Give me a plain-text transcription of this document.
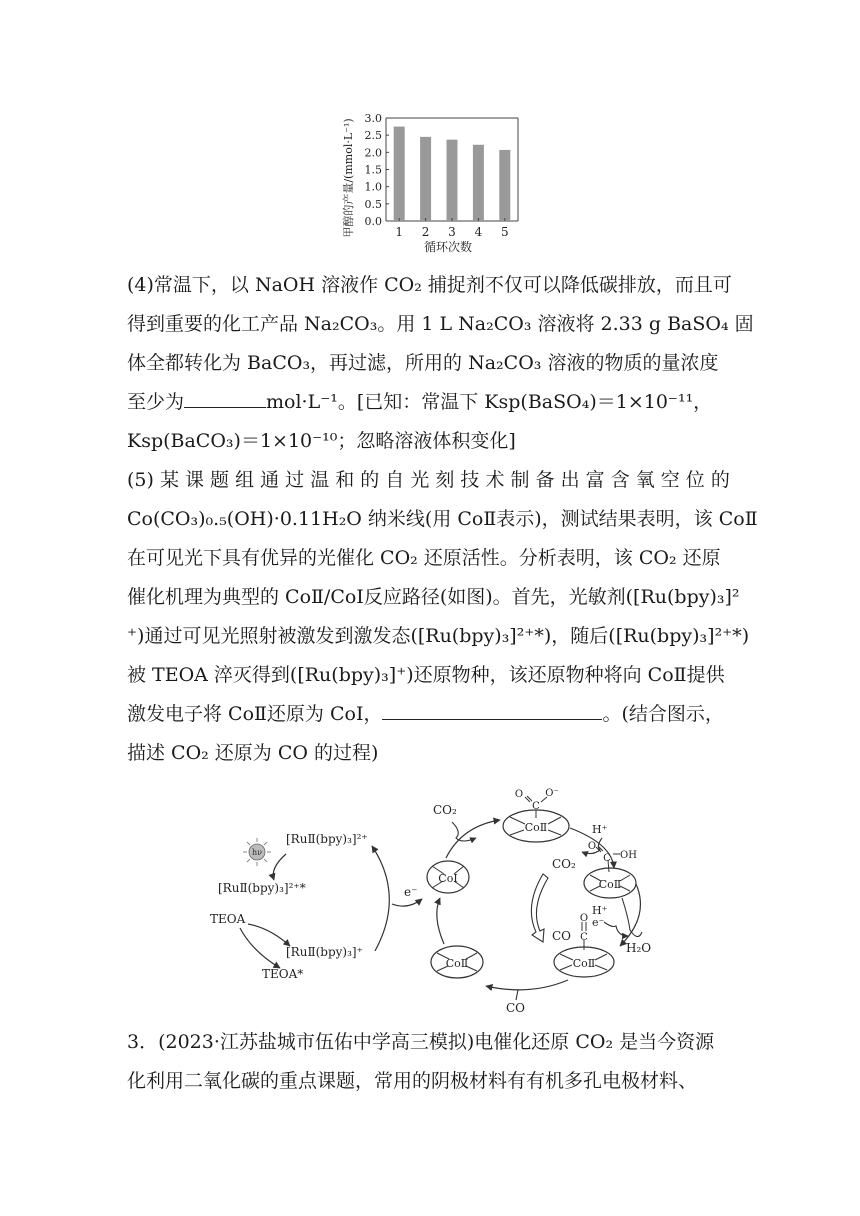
甲醇的产量/(mmol·L⁻¹) 0.0
0.5
1.0
1.5
2.0
2.5
3.0
1 2 3 4 5
循环次数
(4)常温下，以 NaOH 溶液作 CO₂ 捕捉剂不仅可以降低碳排放，而且可
得到重要的化工产品 Na₂CO₃。用 1 L Na₂CO₃ 溶液将 2.33 g BaSO₄ 固
体全都转化为 BaCO₃，再过滤，所用的 Na₂CO₃ 溶液的物质的量浓度
至少为	mol·L⁻¹。[已知：常温下 Ksp(BaSO₄)＝1×10⁻¹¹，
Ksp(BaCO₃)＝1×10⁻¹⁰；忽略溶液体积变化]
(5) 某 课 题 组 通 过 温 和 的 自 光 刻 技 术 制 备 出 富 含 氧 空 位 的
Co(CO₃)₀.₅(OH)·0.11H₂O 纳米线(用 CoⅡ表示)，测试结果表明，该 CoⅡ
在可见光下具有优异的光催化 CO₂ 还原活性。分析表明，该 CO₂ 还原
催化机理为典型的 CoⅡ/CoⅠ反应路径(如图)。首先，光敏剂([Ru(bpy)₃]²
⁺)通过可见光照射被激发到激发态([Ru(bpy)₃]²⁺*)，随后([Ru(bpy)₃]²⁺*)
被 TEOA 淬灭得到([Ru(bpy)₃]⁺)还原物种，该还原物种将向 CoⅡ提供
激发电子将 CoⅡ还原为 CoⅠ，	。(结合图示，
描述 CO₂ 还原为 CO 的过程)
hν
[RuⅡ(bpy)₃]²⁺
[RuⅡ(bpy)₃]²⁺*
TEOA
[RuⅡ(bpy)₃]⁺
TEOA*
e⁻
CoⅠ
CO₂
CoⅡ
C
O O⁻
H⁺
CoⅡ
C
O
OH
CO₂
CO
H⁺
e⁻
H₂O
CoⅡ
C
O
CO
CoⅡ
3．(2023·江苏盐城市伍佑中学高三模拟)电催化还原 CO₂ 是当今资源
化利用二氧化碳的重点课题，常用的阴极材料有有机多孔电极材料、
